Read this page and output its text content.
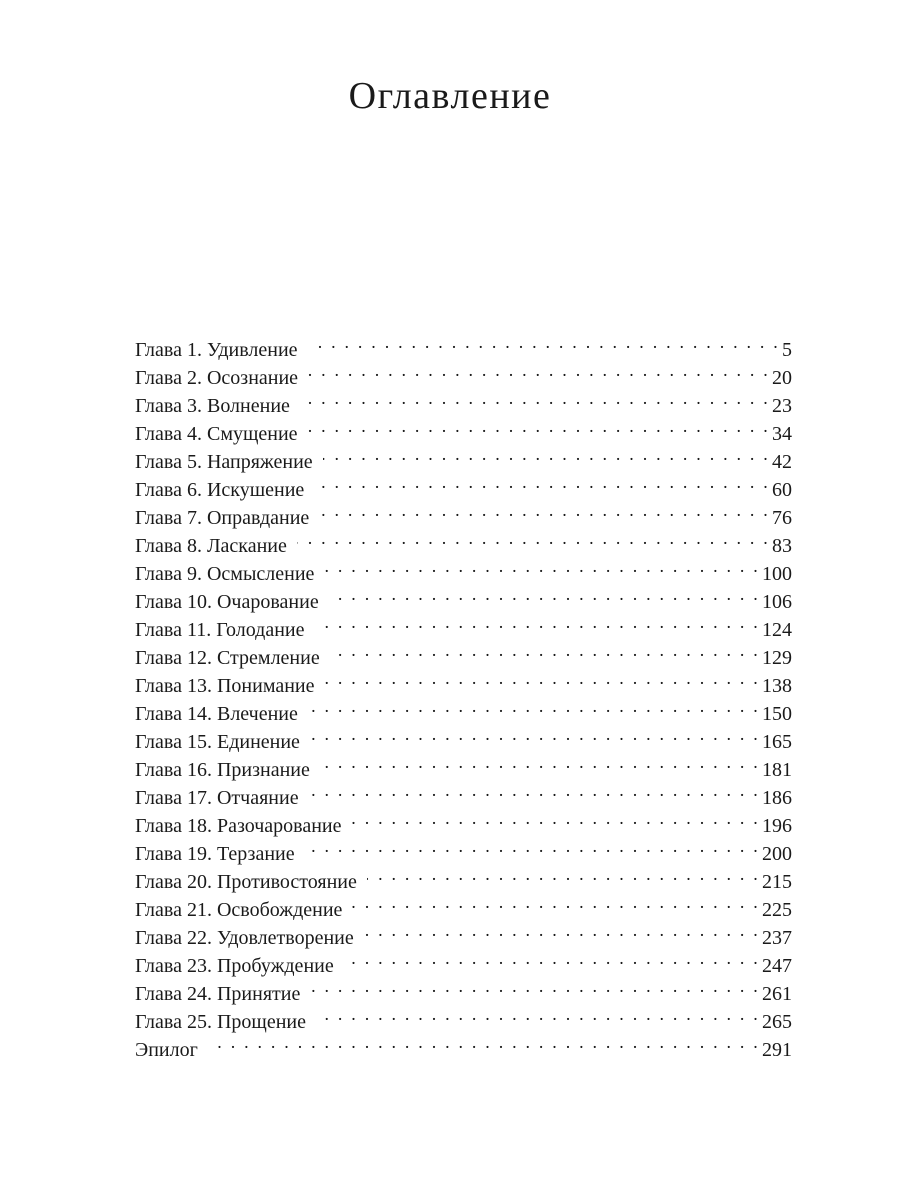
Оглавление
Глава 1. Удивление . . .	5
Глава 2. Осознание . . .	20
Глава 3. Волнение . . .	23
Глава 4. Смущение . . .	34
Глава 5. Напряжение . . .	42
Глава 6. Искушение . . .	60
Глава 7. Оправдание . . .	76
Глава 8. Ласкание . . .	83
Глава 9. Осмысление . . .	100
Глава 10. Очарование . . .	106
Глава 11. Голодание . . .	124
Глава 12. Стремление . . .	129
Глава 13. Понимание . . .	138
Глава 14. Влечение . . .	150
Глава 15. Единение . . .	165
Глава 16. Признание . . .	181
Глава 17. Отчаяние . . .	186
Глава 18. Разочарование . . .	196
Глава 19. Терзание . . .	200
Глава 20. Противостояние . . .	215
Глава 21. Освобождение . . .	225
Глава 22. Удовлетворение . . .	237
Глава 23. Пробуждение . . .	247
Глава 24. Принятие . . .	261
Глава 25. Прощение . . .	265
Эпилог . . .	291
